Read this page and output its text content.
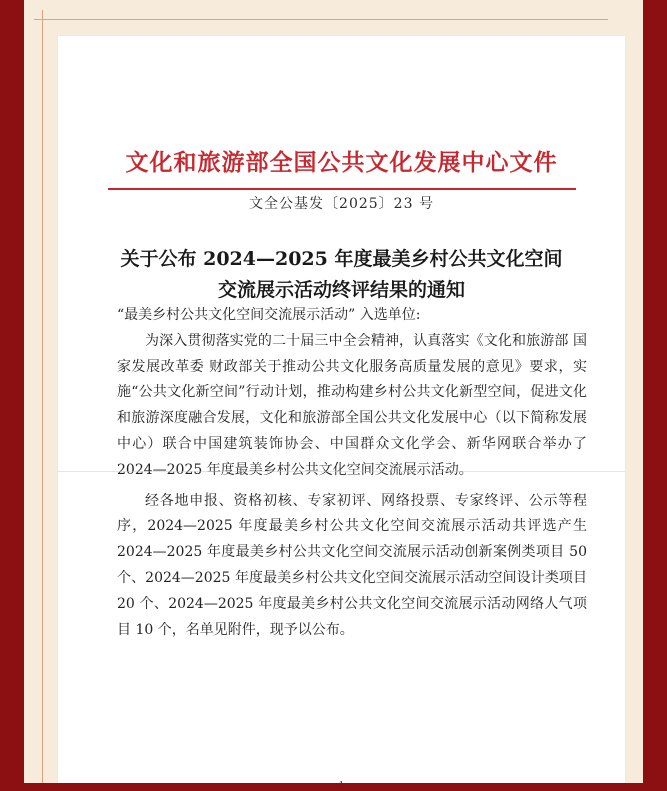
文化和旅游部全国公共文化发展中心文件
文全公基发〔2025〕23 号
关于公布 2024—2025 年度最美乡村公共文化空间
交流展示活动终评结果的通知
1

“最美乡村公共文化空间交流展示活动” 入选单位:

为深入贯彻落实党的二十届三中全会精神，认真落实《文化和旅游部 国家发展改革委 财政部关于推动公共文化服务高质量发展的意见》要求，实施“公共文化新空间”行动计划，推动构建乡村公共文化新型空间，促进文化和旅游深度融合发展，文化和旅游部全国公共文化发展中心（以下简称发展中心）联合中国建筑装饰协会、中国群众文化学会、新华网联合举办了 2024—2025 年度最美乡村公共文化空间交流展示活动。

经各地申报、资格初核、专家初评、网络投票、专家终评、公示等程序，2024—2025 年度最美乡村公共文化空间交流展示活动共评选产生 2024—2025 年度最美乡村公共文化空间交流展示活动创新案例类项目 50 个、2024—2025 年度最美乡村公共文化空间交流展示活动空间设计类项目 20 个、2024—2025 年度最美乡村公共文化空间交流展示活动网络人气项目 10 个，名单见附件，现予以公布。
